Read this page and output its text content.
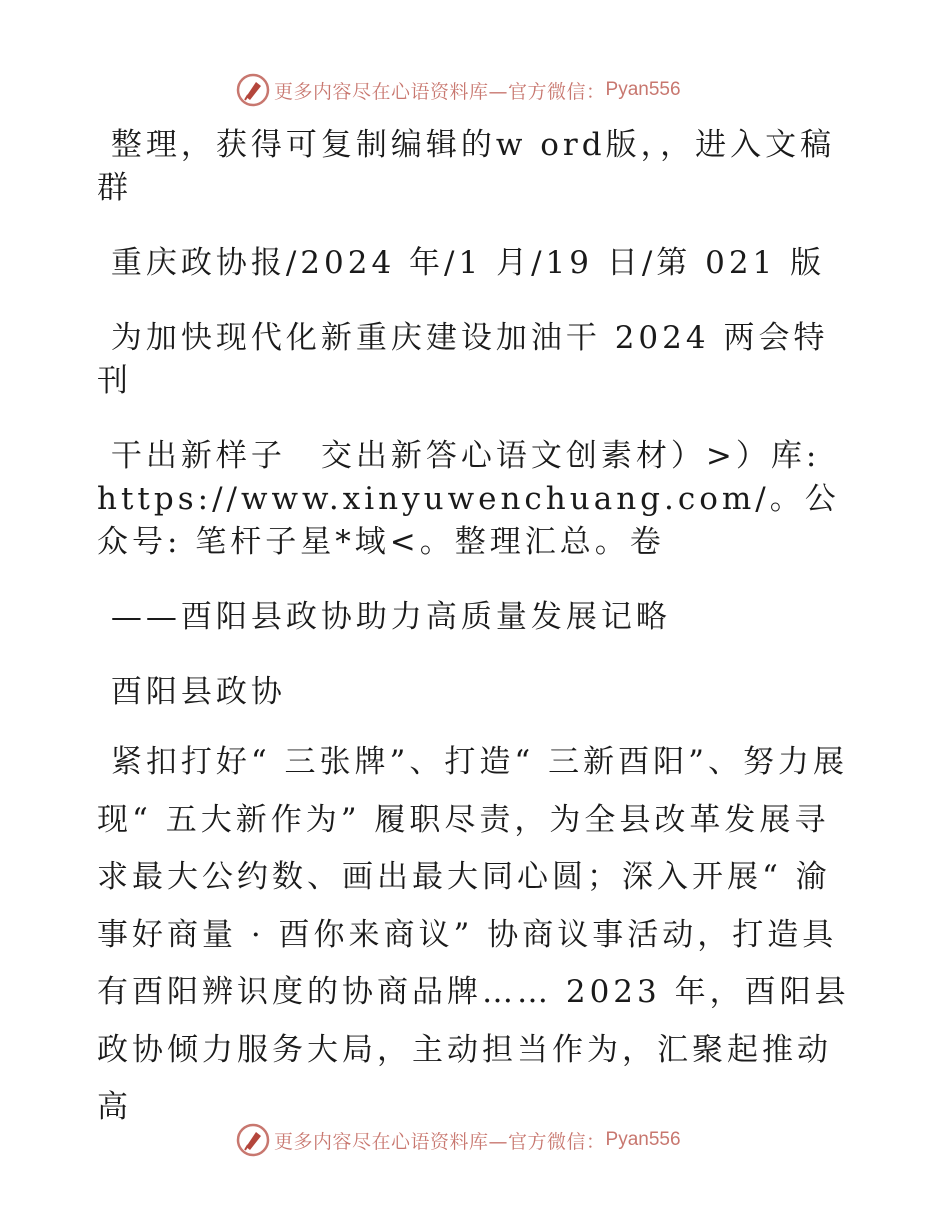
更多内容尽在心语资料库—官方微信： Pyan556

整理，获得可复制编辑的w ord版，，进入文稿群

重庆政协报/2024 年/1 月/19 日/第 021 版

为加快现代化新重庆建设加油干 2024 两会特刊

干出新样子　交出新答心语文创素材）>）库: https://www.xinyuwenchuang.com/。公众号: 笔杆子星*域<。整理汇总。卷

——酉阳县政协助力高质量发展记略

酉阳县政协

紧扣打好“ 三张牌”、打造“ 三新酉阳”、努力展现“ 五大新作为” 履职尽责，为全县改革发展寻求最大公约数、画出最大同心圆；深入开展“ 渝事好商量 · 酉你来商议” 协商议事活动，打造具有酉阳辨识度的协商品牌…… 2023 年，酉阳县政协倾力服务大局，主动担当作为，汇聚起推动高

更多内容尽在心语资料库—官方微信： Pyan556
